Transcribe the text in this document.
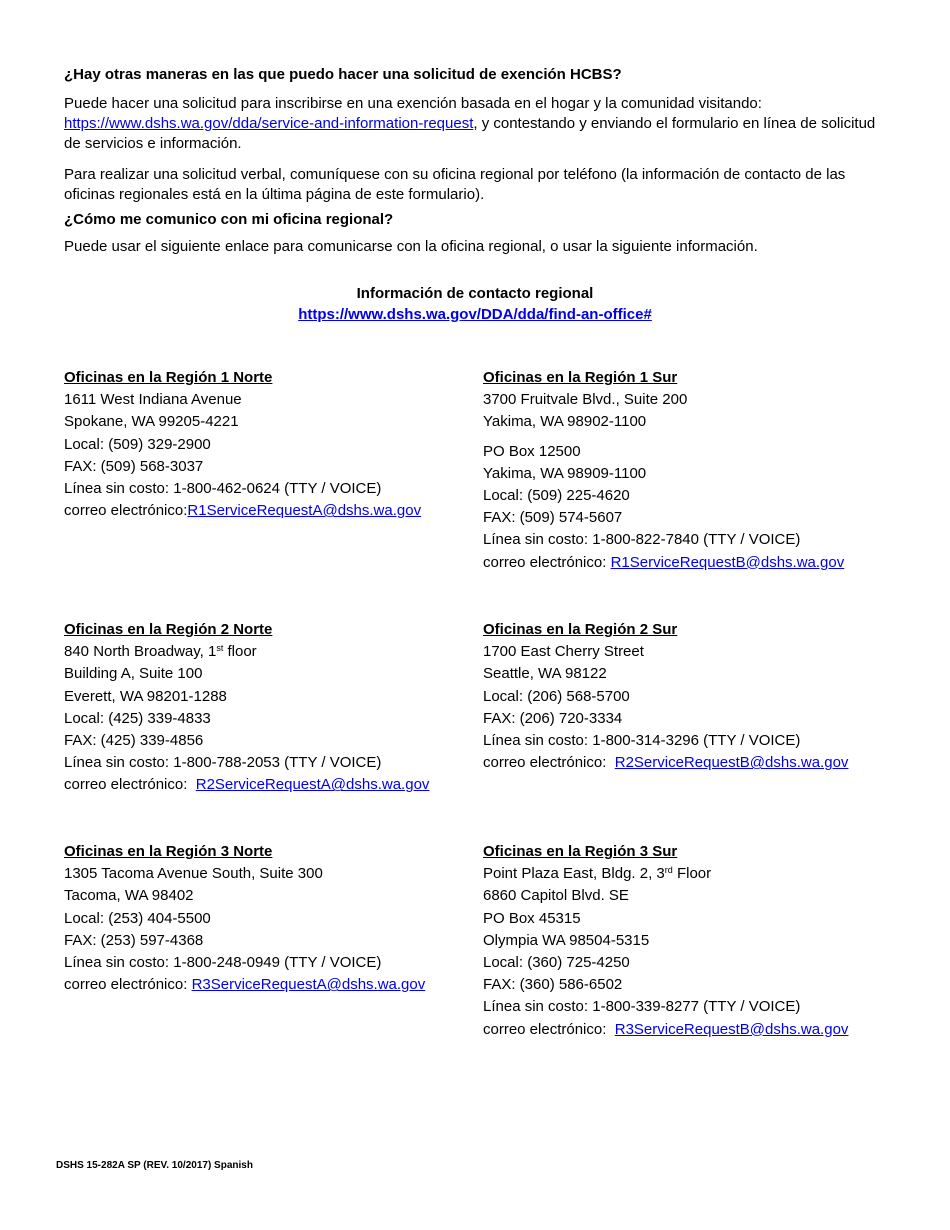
¿Hay otras maneras en las que puedo hacer una solicitud de exención HCBS?
Puede hacer una solicitud para inscribirse en una exención basada en el hogar y la comunidad visitando:
https://www.dshs.wa.gov/dda/service-and-information-request, y contestando y enviando el formulario en línea de solicitud de servicios e información.
Para realizar una solicitud verbal, comuníquese con su oficina regional por teléfono (la información de contacto de las oficinas regionales está en la última página de este formulario).
¿Cómo me comunico con mi oficina regional?
Puede usar el siguiente enlace para comunicarse con la oficina regional, o usar la siguiente información.
Información de contacto regional
https://www.dshs.wa.gov/DDA/dda/find-an-office#
Oficinas en la Región 1 Norte
1611 West Indiana Avenue
Spokane, WA 99205-4221
Local: (509) 329-2900
FAX: (509) 568-3037
Línea sin costo: 1-800-462-0624 (TTY / VOICE)
correo electrónico:R1ServiceRequestA@dshs.wa.gov
Oficinas en la Región 1 Sur
3700 Fruitvale Blvd., Suite 200
Yakima, WA 98902-1100
PO Box 12500
Yakima, WA 98909-1100
Local: (509) 225-4620
FAX: (509) 574-5607
Línea sin costo: 1-800-822-7840 (TTY / VOICE)
correo electrónico: R1ServiceRequestB@dshs.wa.gov
Oficinas en la Región 2 Norte
840 North Broadway, 1st floor
Building A, Suite 100
Everett, WA 98201-1288
Local: (425) 339-4833
FAX: (425) 339-4856
Línea sin costo: 1-800-788-2053 (TTY / VOICE)
correo electrónico:  R2ServiceRequestA@dshs.wa.gov
Oficinas en la Región 2 Sur
1700 East Cherry Street
Seattle, WA 98122
Local: (206) 568-5700
FAX: (206) 720-3334
Línea sin costo: 1-800-314-3296 (TTY / VOICE)
correo electrónico:  R2ServiceRequestB@dshs.wa.gov
Oficinas en la Región 3 Norte
1305 Tacoma Avenue South, Suite 300
Tacoma, WA 98402
Local: (253) 404-5500
FAX: (253) 597-4368
Línea sin costo: 1-800-248-0949 (TTY / VOICE)
correo electrónico: R3ServiceRequestA@dshs.wa.gov
Oficinas en la Región 3 Sur
Point Plaza East, Bldg. 2, 3rd Floor
6860 Capitol Blvd. SE
PO Box 45315
Olympia WA 98504-5315
Local: (360) 725-4250
FAX: (360) 586-6502
Línea sin costo: 1-800-339-8277 (TTY / VOICE)
correo electrónico:  R3ServiceRequestB@dshs.wa.gov
DSHS 15-282A SP (REV. 10/2017) Spanish
